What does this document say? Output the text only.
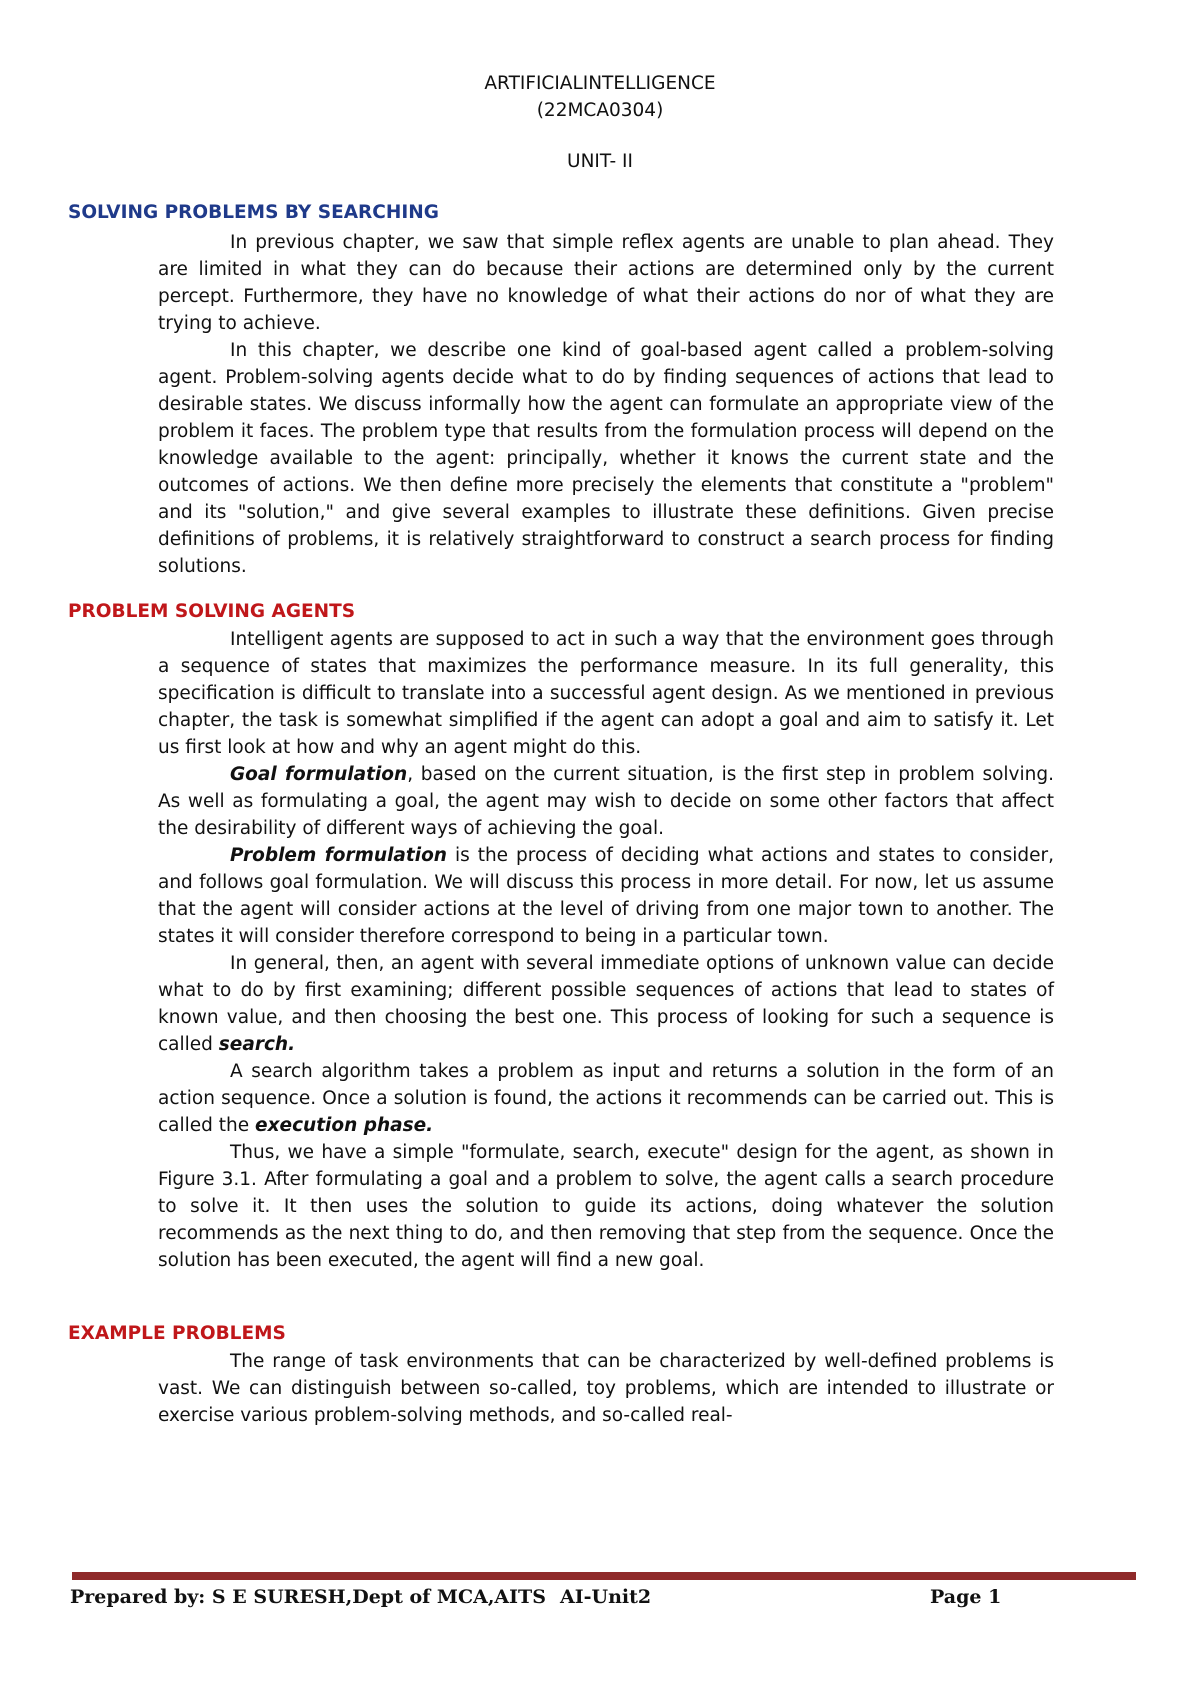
ARTIFICIALINTELLIGENCE
(22MCA0304)
UNIT- II
SOLVING PROBLEMS BY SEARCHING

In previous chapter, we saw that simple reflex agents are unable to plan ahead. They are limited in what they can do because their actions are determined only by the current percept. Furthermore, they have no knowledge of what their actions do nor of what they are trying to achieve.

In this chapter, we describe one kind of goal-based agent called a problem-solving agent. Problem-solving agents decide what to do by finding sequences of actions that lead to desirable states. We discuss informally how the agent can formulate an appropriate view of the problem it faces. The problem type that results from the formulation process will depend on the knowledge available to the agent: principally, whether it knows the current state and the outcomes of actions. We then define more precisely the elements that constitute a "problem" and its "solution," and give several examples to illustrate these definitions. Given precise definitions of problems, it is relatively straightforward to construct a search process for finding solutions.

PROBLEM SOLVING AGENTS

Intelligent agents are supposed to act in such a way that the environment goes through a sequence of states that maximizes the performance measure. In its full generality, this specification is difficult to translate into a successful agent design. As we mentioned in previous chapter, the task is somewhat simplified if the agent can adopt a goal and aim to satisfy it. Let us first look at how and why an agent might do this.

Goal formulation, based on the current situation, is the first step in problem solving. As well as formulating a goal, the agent may wish to decide on some other factors that affect the desirability of different ways of achieving the goal.

Problem formulation is the process of deciding what actions and states to consider, and follows goal formulation. We will discuss this process in more detail. For now, let us assume that the agent will consider actions at the level of driving from one major town to another. The states it will consider therefore correspond to being in a particular town.

In general, then, an agent with several immediate options of unknown value can decide what to do by first examining; different possible sequences of actions that lead to states of known value, and then choosing the best one. This process of looking for such a sequence is called search.

A search algorithm takes a problem as input and returns a solution in the form of an action sequence. Once a solution is found, the actions it recommends can be carried out. This is called the execution phase.

Thus, we have a simple "formulate, search, execute" design for the agent, as shown in Figure 3.1. After formulating a goal and a problem to solve, the agent calls a search procedure to solve it. It then uses the solution to guide its actions, doing whatever the solution recommends as the next thing to do, and then removing that step from the sequence. Once the solution has been executed, the agent will find a new goal.

EXAMPLE PROBLEMS

The range of task environments that can be characterized by well-defined problems is vast. We can distinguish between so-called, toy problems, which are intended to illustrate or exercise various problem-solving methods, and so-called real-

Prepared by: S E SURESH,Dept of MCA,AITS AI-Unit2	Page 1
